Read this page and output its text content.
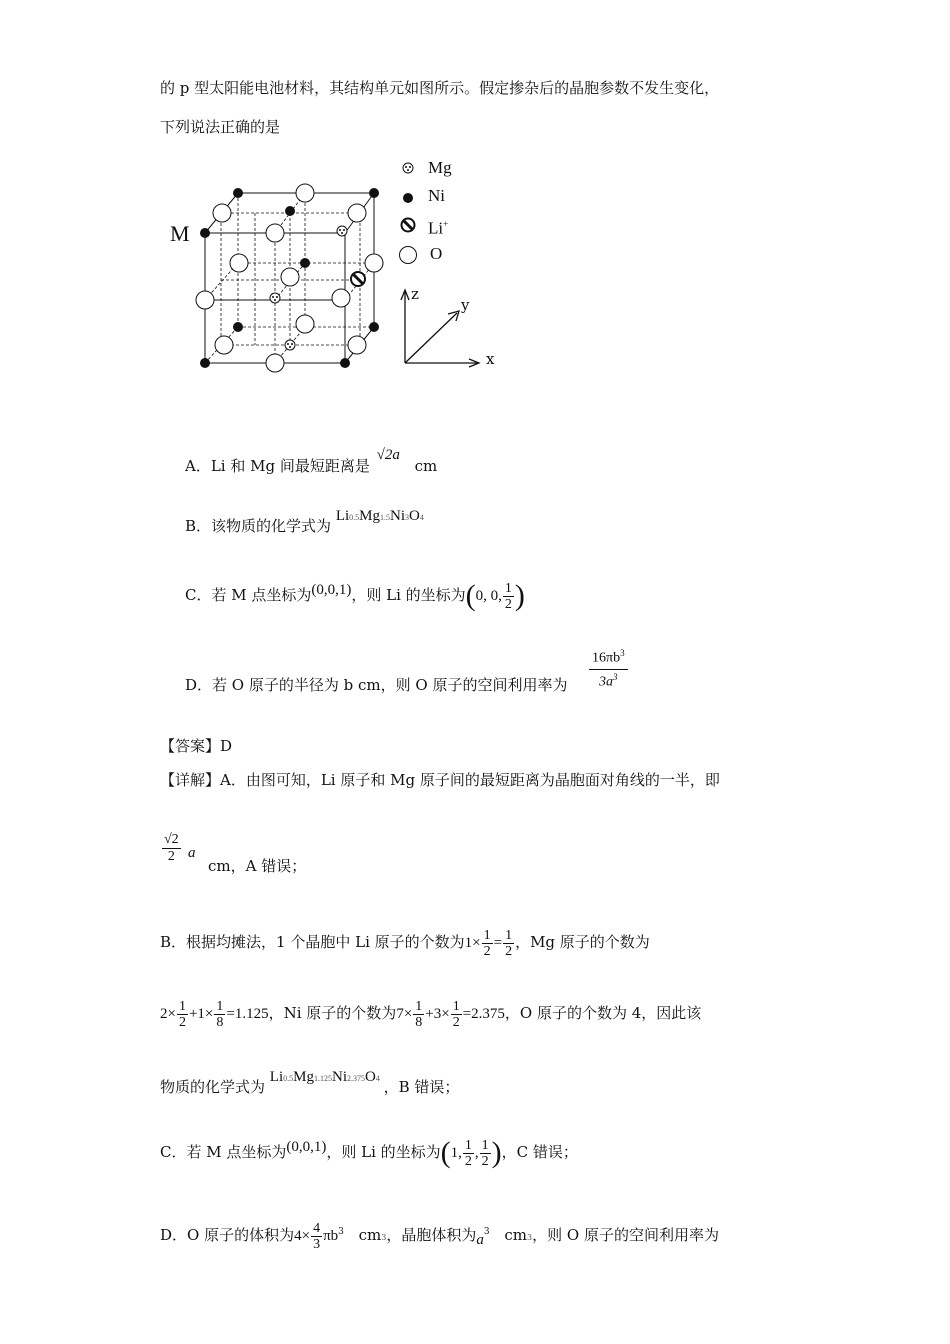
的 p 型太阳能电池材料，其结构单元如图所示。假定掺杂后的晶胞参数不发生变化，
下列说法正确的是
M
z
y
x
Mg
Ni
Li+
O
A．Li 和 Mg 间最短距离是 √2a cm
B．该物质的化学式为 Li0.5Mg1.5Ni3O4
C．若 M 点坐标为(0,0,1)，则 Li 的坐标为(0, 0, $\frac{1}{2}$ )
D．若 O 原子的半径为 b cm，则 O 原子的空间利用率为 $\frac{16\pi b^3}{3a^3}$
【答案】D
【详解】A．由图可知，Li 原子和 Mg 原子间的最短距离为晶胞面对角线的一半，即
$\frac{√2}{2}$ a
cm，A 错误；
B．根据均摊法，1 个晶胞中 Li 原子的个数为$1\times \frac{1}{2} = \frac{1}{2}$ ，Mg 原子的个数为
$2\times \frac{1}{2} +1\times \frac{1}{8} =1.125$，Ni 原子的个数为$7\times \frac{1}{8} +3\times \frac{1}{2} =2.375$，O 原子的个数为 4，因此该
物质的化学式为 Li0.5Mg1.125Ni2.375O4 ，B 错误；
C．若 M 点坐标为(0,0,1)，则 Li 的坐标为(1, $\frac{1}{2}$ , $\frac{1}{2}$ )，C 错误；
D．O 原子的体积为$4\times \frac{4}{3} \pi b^3$ cm3，晶胞体积为$a^3$ cm3，则 O 原子的空间利用率为
